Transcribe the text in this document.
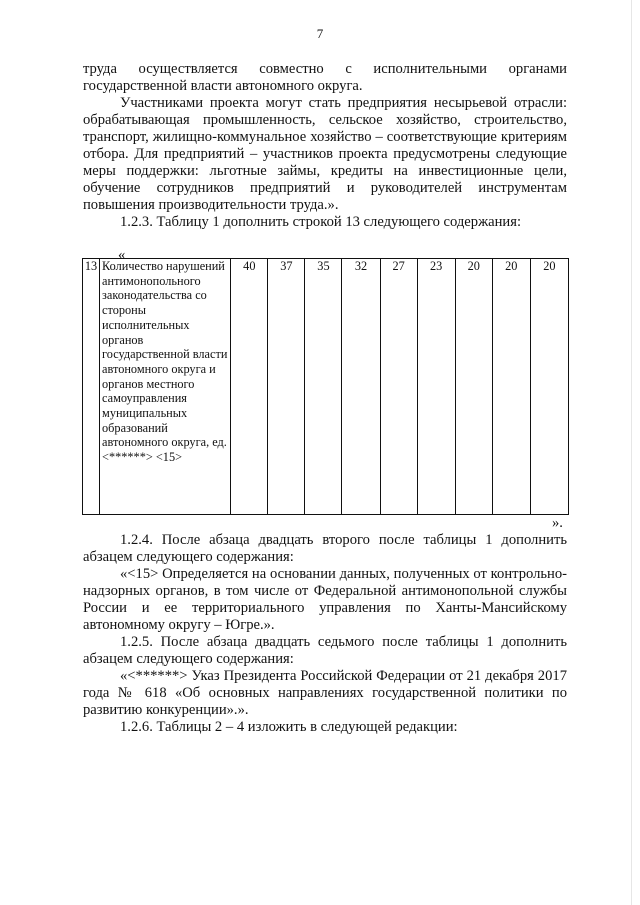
7

труда осуществляется совместно с исполнительными органами государственной власти автономного округа.

Участниками проекта могут стать предприятия несырьевой отрасли: обрабатывающая промышленность, сельское хозяйство, строительство, транспорт, жилищно-коммунальное хозяйство – соответствующие критериям отбора. Для предприятий – участников проекта предусмотрены следующие меры поддержки: льготные займы, кредиты на инвестиционные цели, обучение сотрудников предприятий и руководителей инструментам повышения производительности труда.».

1.2.3. Таблицу 1 дополнить строкой 13 следующего содержания:

«
13	Количество нарушений антимонопольного законодательства со стороны исполнительных органов государственной власти автономного округа и органов местного самоуправления муниципальных образований автономного округа, ед. <******> <15>	40	37	35	32	27	23	20	20	20
».

1.2.4. После абзаца двадцать второго после таблицы 1 дополнить абзацем следующего содержания:

«<15> Определяется на основании данных, полученных от контрольно-надзорных органов, в том числе от Федеральной антимонопольной службы России и ее территориального управления по Ханты-Мансийскому автономному округу – Югре.».

1.2.5. После абзаца двадцать седьмого после таблицы 1 дополнить абзацем следующего содержания:

«<******> Указ Президента Российской Федерации от 21 декабря 2017 года № 618 «Об основных направлениях государственной политики по развитию конкуренции».».

1.2.6. Таблицы 2 – 4 изложить в следующей редакции:
